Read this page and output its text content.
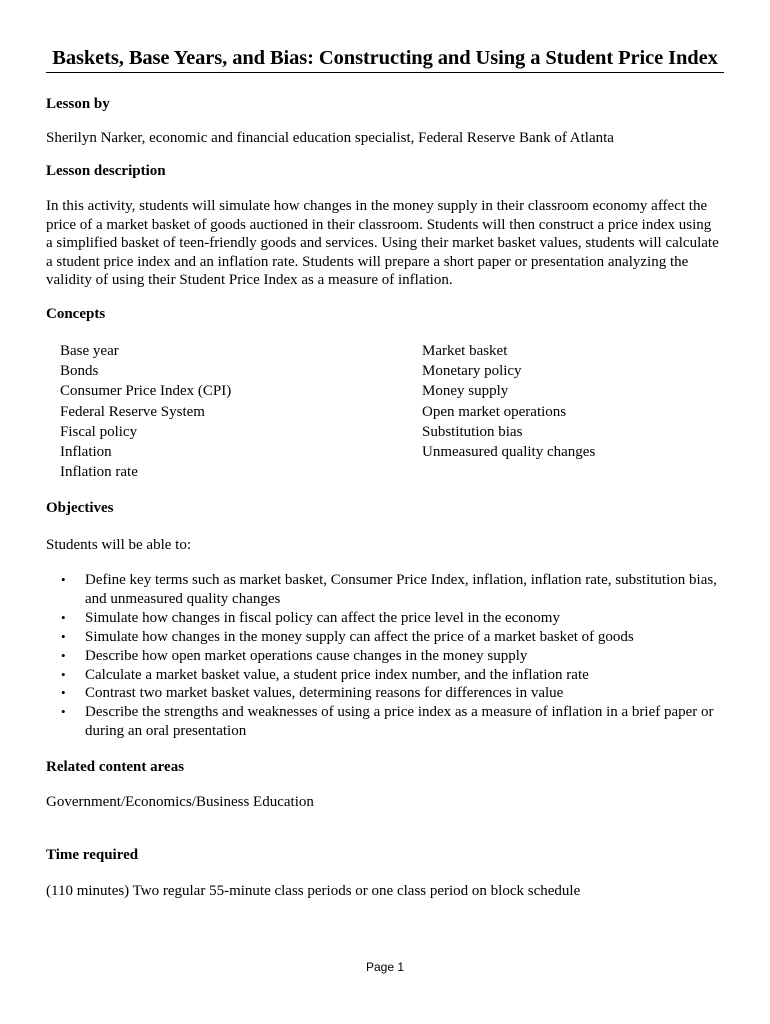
Baskets, Base Years, and Bias: Constructing and Using a Student Price Index
Lesson by
Sherilyn Narker, economic and financial education specialist, Federal Reserve Bank of Atlanta
Lesson description
In this activity, students will simulate how changes in the money supply in their classroom economy affect the
price of a market basket of goods auctioned in their classroom. Students will then construct a price index using
a simplified basket of teen-friendly goods and services. Using their market basket values, students will calculate
a student price index and an inflation rate. Students will prepare a short paper or presentation analyzing the
validity of using their Student Price Index as a measure of inflation.
Concepts
Base year
Bonds
Consumer Price Index (CPI)
Federal Reserve System
Fiscal policy
Inflation
Inflation rate
Market basket
Monetary policy
Money supply
Open market operations
Substitution bias
Unmeasured quality changes
Objectives
Students will be able to:
• Define key terms such as market basket, Consumer Price Index, inflation, inflation rate, substitution bias,
and unmeasured quality changes
• Simulate how changes in fiscal policy can affect the price level in the economy
• Simulate how changes in the money supply can affect the price of a market basket of goods
• Describe how open market operations cause changes in the money supply
• Calculate a market basket value, a student price index number, and the inflation rate
• Contrast two market basket values, determining reasons for differences in value
• Describe the strengths and weaknesses of using a price index as a measure of inflation in a brief paper or
during an oral presentation
Related content areas
Government/Economics/Business Education
Time required
(110 minutes) Two regular 55-minute class periods or one class period on block schedule
Page 1
